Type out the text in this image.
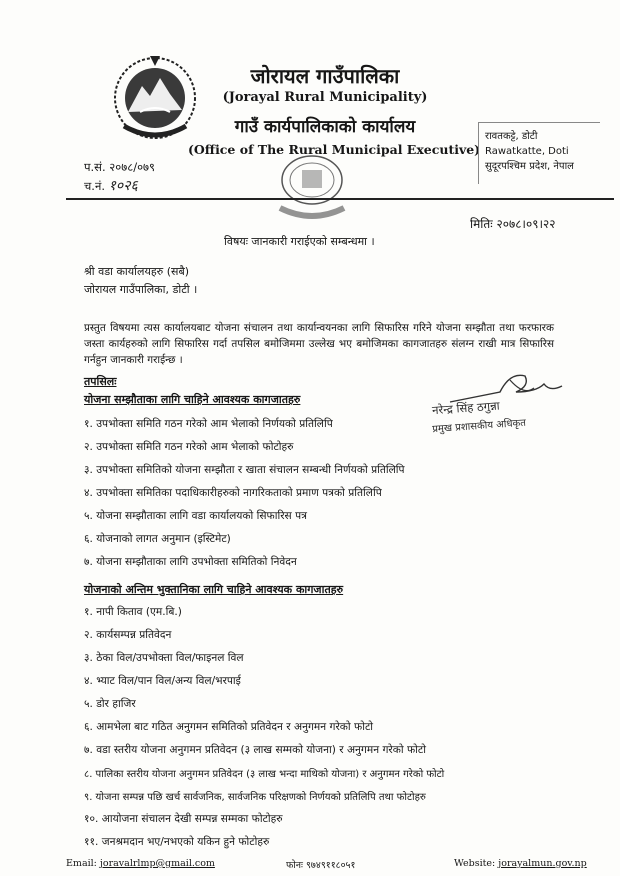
जोरायल गाउँपालिका
(Jorayal Rural Municipality)
गाउँ कार्यपालिकाको कार्यालय
(Office of The Rural Municipal Executive)
रावतकट्टे, डोटी
Rawatkatte, Doti
सुदूरपश्चिम प्रदेश, नेपाल
प.सं. २०७८/०७९
च.नं. १०२६
मितिः २०७८।०९।२२
विषयः जानकारी गराईएको सम्बन्धमा ।
श्री वडा कार्यालयहरु (सबै)
जोरायल गाउँपालिका, डोटी ।
प्रस्तुत विषयमा त्यस कार्यालयबाट योजना संचालन तथा कार्यान्वयनका लागि सिफारिस गरिने योजना सम्झौता तथा फरफारक जस्ता कार्यहरुको लागि सिफारिस गर्दा तपसिल बमोजिममा उल्लेख भए बमोजिमका कागजातहरु संलग्न राखी मात्र सिफारिस गर्नहुन जानकारी गराईन्छ ।
तपसिलः
योजना सम्झौताका लागि चाहिने आवश्यक कागजातहरु
१. उपभोक्ता समिति गठन गरेको आम भेलाको निर्णयको प्रतिलिपि
२. उपभोक्ता समिति गठन गरेको आम भेलाको फोटोहरु
३. उपभोक्ता समितिको योजना सम्झौता र खाता संचालन सम्बन्धी निर्णयको प्रतिलिपि
४. उपभोक्ता समितिका पदाधिकारीहरुको नागरिकताको प्रमाण पत्रको प्रतिलिपि
५. योजना सम्झौताका लागि वडा कार्यालयको सिफारिस पत्र
६. योजनाको लागत अनुमान (इस्टिमेट)
७. योजना सम्झौताका लागि उपभोक्ता समितिको निवेदन
नरेन्द्र सिंह ठगुन्ना
प्रमुख प्रशासकीय अधिकृत
योजनाको अन्तिम भुक्तानिका लागि चाहिने आवश्यक कागजातहरु
१. नापी किताव (एम.बि.)
२. कार्यसम्पन्न प्रतिवेदन
३. ठेका विल/उपभोक्ता विल/फाइनल विल
४. भ्याट विल/पान विल/अन्य विल/भरपाई
५. डोर हाजिर
६. आमभेला बाट गठित अनुगमन समितिको प्रतिवेदन र अनुगमन गरेको फोटो
७. वडा स्तरीय योजना अनुगमन प्रतिवेदन (३ लाख सम्मको योजना) र अनुगमन गरेको फोटो
८. पालिका स्तरीय योजना अनुगमन प्रतिवेदन (३ लाख भन्दा माथिको योजना) र अनुगमन गरेको फोटो
९. योजना सम्पन्न पछि खर्च सार्वजनिक, सार्वजनिक परिक्षणको निर्णयको प्रतिलिपि तथा फोटोहरु
१०. आयोजना संचालन देखी सम्पन्न सम्मका फोटोहरु
११. जनश्रमदान भए/नभएको यकिन हुने फोटोहरु
Email: joravalrlmp@gmail.com	फोनः ९७४९११८०५१	Website: jorayalmun.gov.np
